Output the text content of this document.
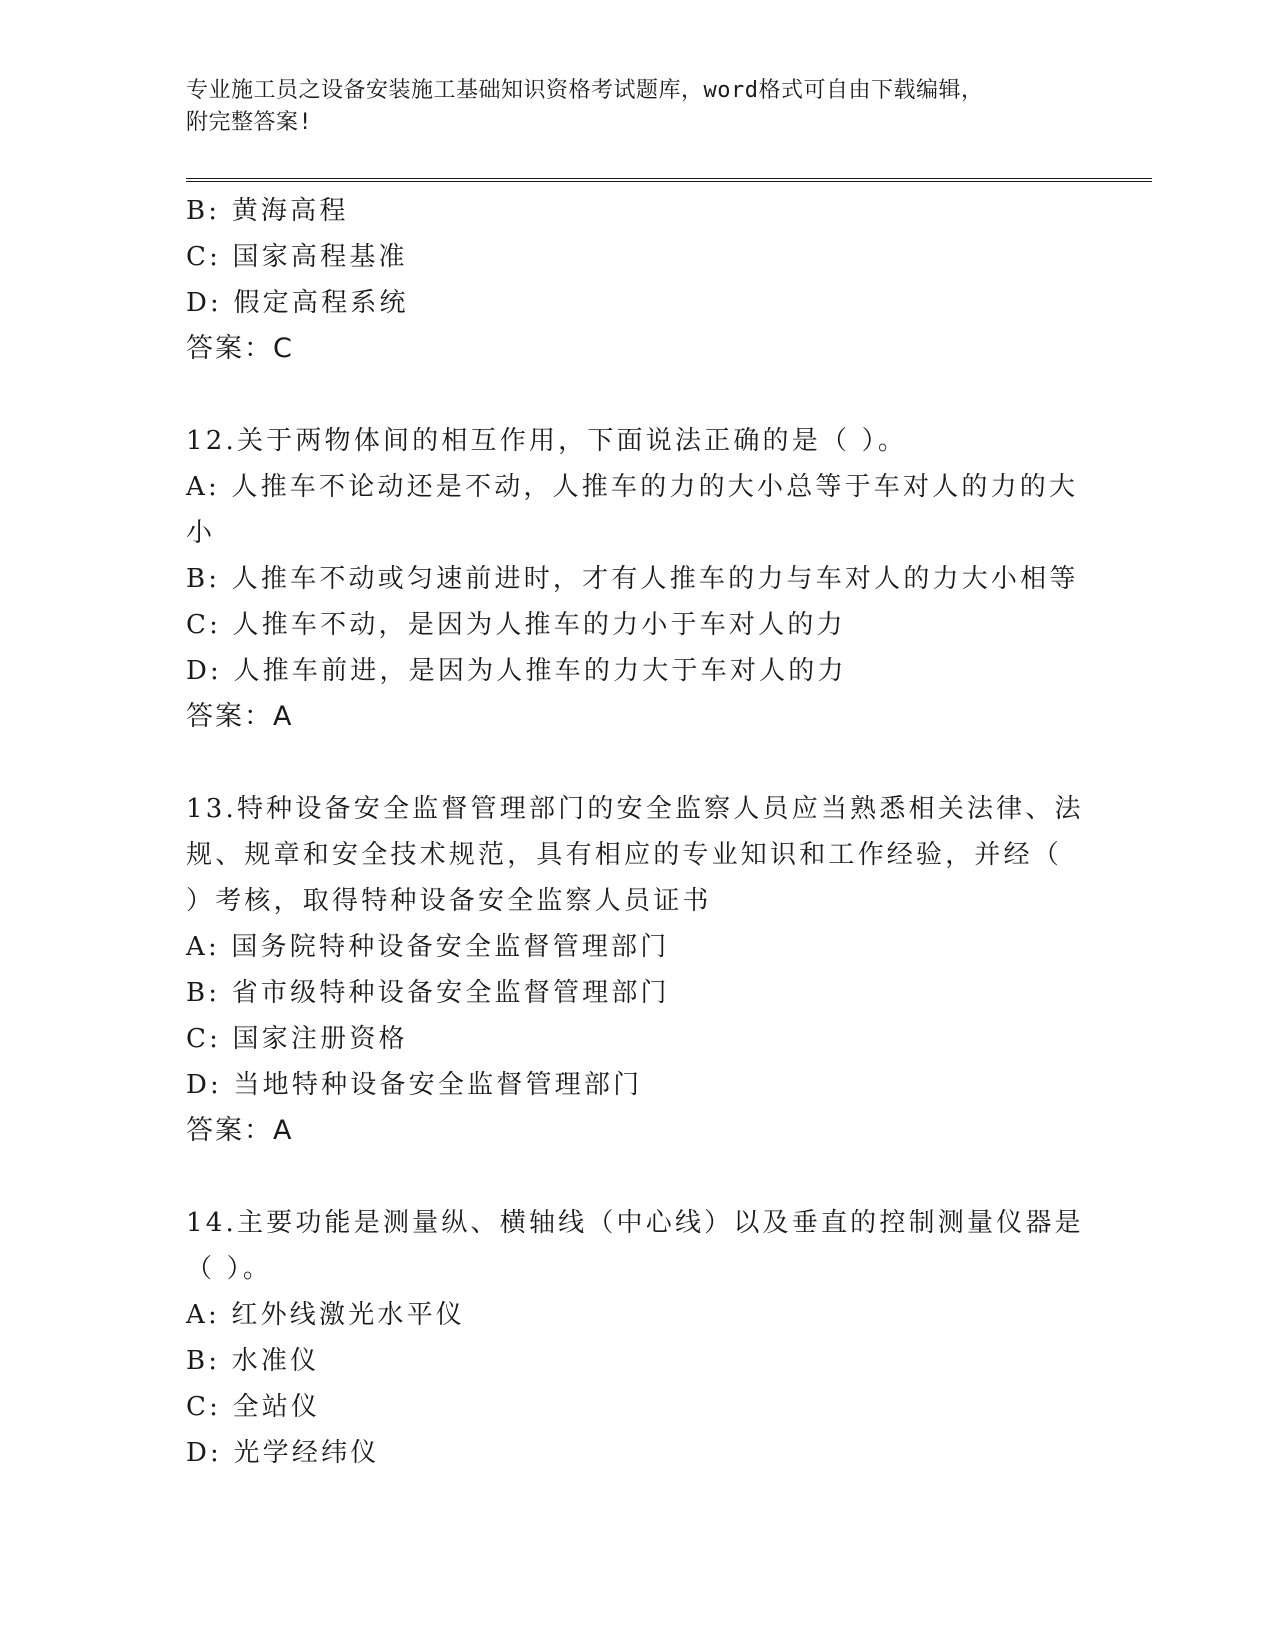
专业施工员之设备安装施工基础知识资格考试题库，word格式可自由下载编辑，
附完整答案!
B: 黄海高程
C: 国家高程基准
D: 假定高程系统
答案：C
12.关于两物体间的相互作用，下面说法正确的是（ ）。
A: 人推车不论动还是不动，人推车的力的大小总等于车对人的力的大
小
B: 人推车不动或匀速前进时，才有人推车的力与车对人的力大小相等
C: 人推车不动，是因为人推车的力小于车对人的力
D: 人推车前进，是因为人推车的力大于车对人的力
答案：A
13.特种设备安全监督管理部门的安全监察人员应当熟悉相关法律、法
规、规章和安全技术规范，具有相应的专业知识和工作经验，并经（
）考核，取得特种设备安全监察人员证书
A: 国务院特种设备安全监督管理部门
B: 省市级特种设备安全监督管理部门
C: 国家注册资格
D: 当地特种设备安全监督管理部门
答案：A
14.主要功能是测量纵、横轴线（中心线）以及垂直的控制测量仪器是
（ ）。
A: 红外线激光水平仪
B: 水准仪
C: 全站仪
D: 光学经纬仪
